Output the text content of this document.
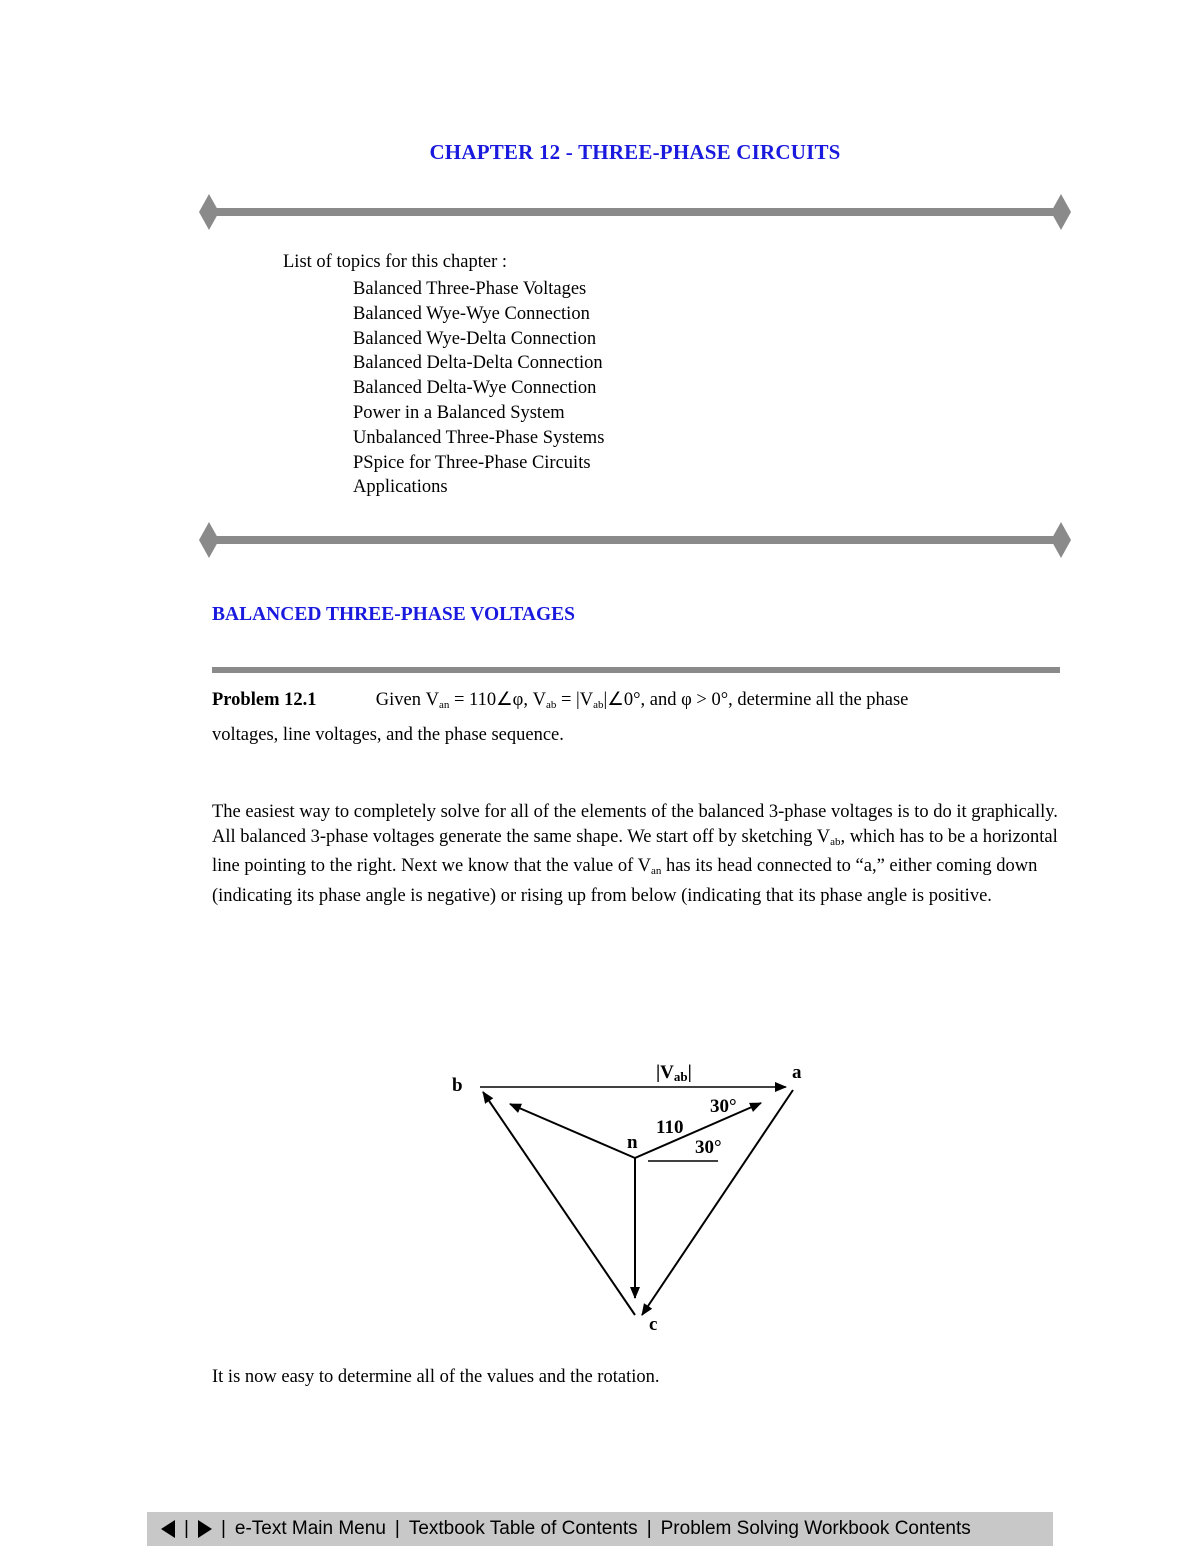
CHAPTER 12 - THREE-PHASE CIRCUITS
List of topics for this chapter :
Balanced Three-Phase Voltages
Balanced Wye-Wye Connection
Balanced Wye-Delta Connection
Balanced Delta-Delta Connection
Balanced Delta-Wye Connection
Power in a Balanced System
Unbalanced Three-Phase Systems
PSpice for Three-Phase Circuits
Applications
BALANCED THREE-PHASE VOLTAGES
Problem 12.1	Given $V_{an}$ = 110∠φ, $V_{ab}$ = $|V_{ab}|\angle 0^\circ$, and φ > 0°, determine all the phase
voltages, line voltages, and the phase sequence.

The easiest way to completely solve for all of the elements of the balanced 3-phase voltages is to do it graphically. All balanced 3-phase voltages generate the same shape. We start off by sketching $V_{ab}$, which has to be a horizontal line pointing to the right. Next we know that the value of $V_{an}$ has its head connected to “a,” either coming down (indicating its phase angle is negative) or rising up from below (indicating that its phase angle is positive.

b
a
c
n
110
30°
30°
|Vab|
It is now easy to determine all of the values and the rotation.
| | e-Text Main Menu | Textbook Table of Contents | Problem Solving Workbook Contents
